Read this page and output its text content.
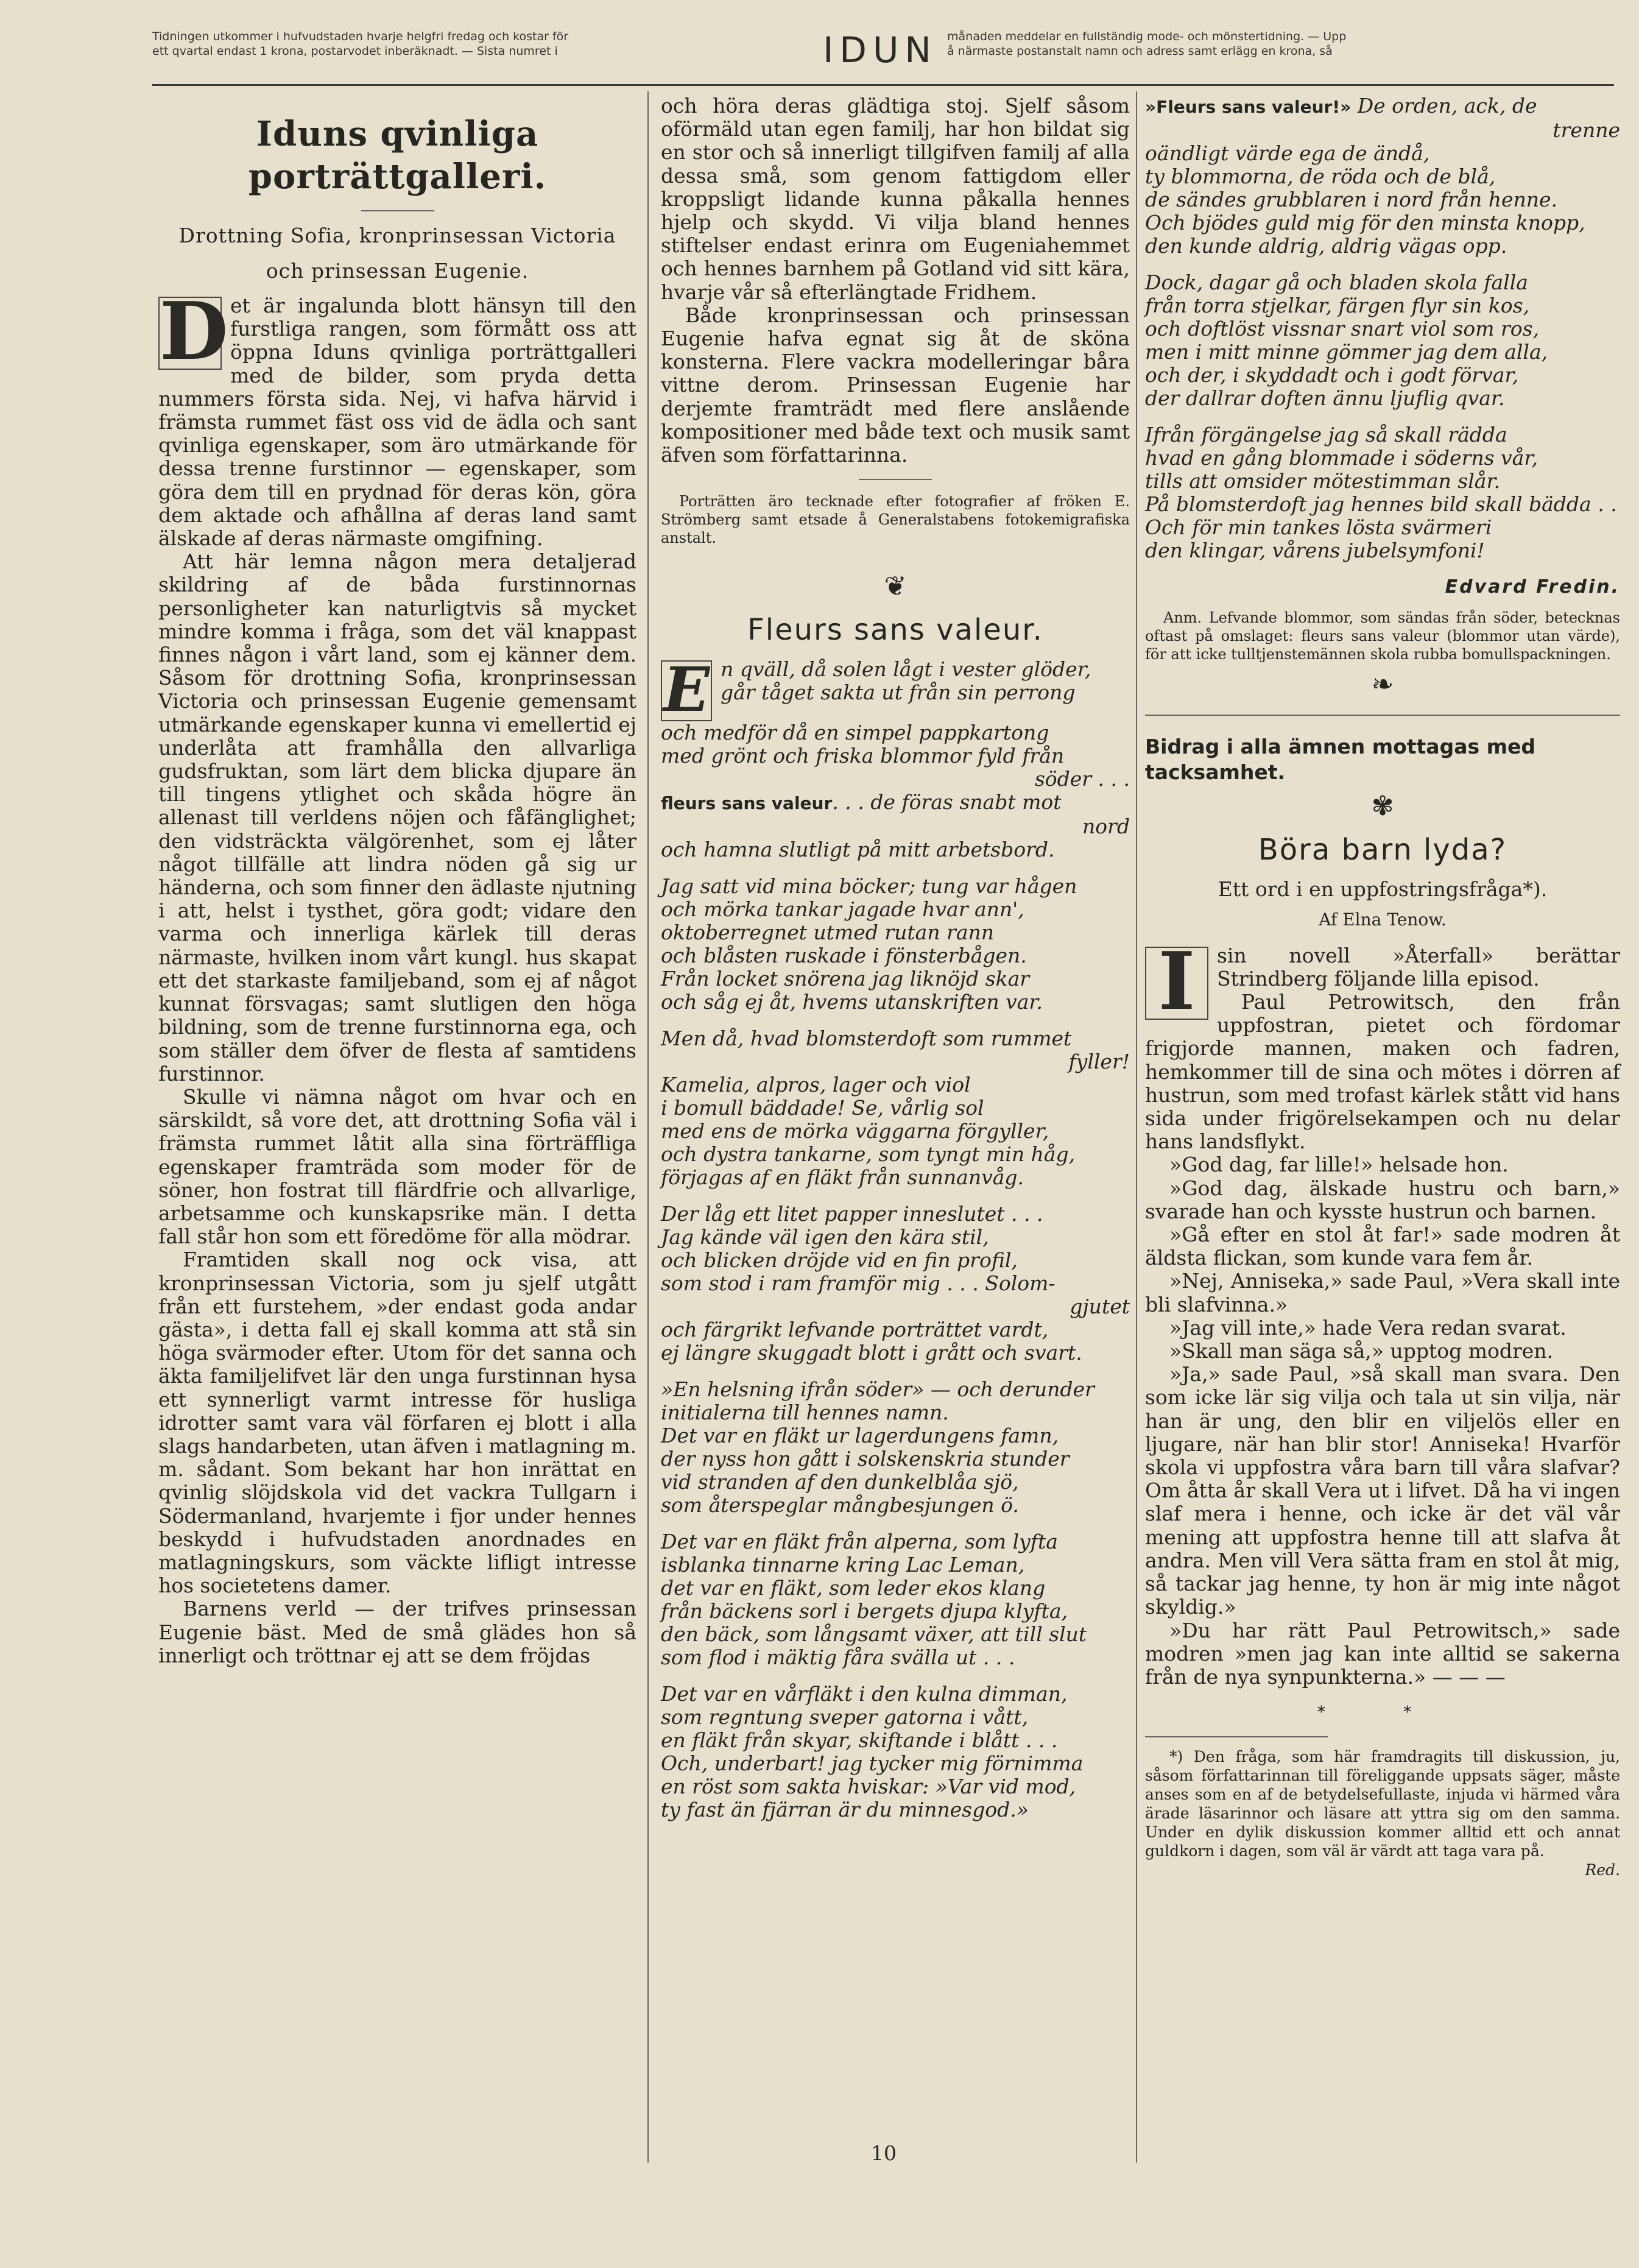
Tidningen utkommer i hufvudstaden hvarje helgfri fredag och kostar för
ett qvartal endast 1 krona, postarvodet inberäknadt. — Sista numret i	IDUN månaden meddelar en fullständig mode- och mönstertidning. — Upp
å närmaste postanstalt namn och adress samt erlägg en krona, så
Iduns qvinliga porträttgalleri.
Drottning Sofia, kronprinsessan Victoria
och prinsessan Eugenie.

D et är ingalunda blott hänsyn till den furstliga rangen, som förmått oss att öppna Iduns qvinliga porträttgalleri med de bilder, som pryda detta nummers första sida. Nej, vi hafva härvid i främsta rummet fäst oss vid de ädla och sant qvinliga egenskaper, som äro utmärkande för dessa trenne furstinnor — egenskaper, som göra dem till en prydnad för deras kön, göra dem aktade och afhållna af deras land samt älskade af deras närmaste omgifning.

Att här lemna någon mera detaljerad skildring af de båda furstinnornas personligheter kan naturligtvis så mycket mindre komma i fråga, som det väl knappast finnes någon i vårt land, som ej känner dem. Såsom för drottning Sofia, kronprinsessan Victoria och prinsessan Eugenie gemensamt utmärkande egenskaper kunna vi emellertid ej underlåta att framhålla den allvarliga gudsfruktan, som lärt dem blicka djupare än till tingens ytlighet och skåda högre än allenast till verldens nöjen och fåfänglighet; den vidsträckta välgörenhet, som ej låter något tillfälle att lindra nöden gå sig ur händerna, och som finner den ädlaste njutning i att, helst i tysthet, göra godt; vidare den varma och innerliga kärlek till deras närmaste, hvilken inom vårt kungl. hus skapat ett det starkaste familjeband, som ej af något kunnat försvagas; samt slutligen den höga bildning, som de trenne furstinnorna ega, och som ställer dem öfver de flesta af samtidens furstinnor.

Skulle vi nämna något om hvar och en särskildt, så vore det, att drottning Sofia väl i främsta rummet låtit alla sina förträffliga egenskaper framträda som moder för de söner, hon fostrat till flärdfrie och allvarlige, arbetsamme och kunskapsrike män. I detta fall står hon som ett föredöme för alla mödrar.

Framtiden skall nog ock visa, att kronprinsessan Victoria, som ju sjelf utgått från ett furstehem, »der endast goda andar gästa», i detta fall ej skall komma att stå sin höga svärmoder efter. Utom för det sanna och äkta familjelifvet lär den unga furstinnan hysa ett synnerligt varmt intresse för husliga idrotter samt vara väl förfaren ej blott i alla slags handarbeten, utan äfven i matlagning m. m. sådant. Som bekant har hon inrättat en qvinlig slöjdskola vid det vackra Tullgarn i Södermanland, hvarjemte i fjor under hennes beskydd i hufvudstaden anordnades en matlagningskurs, som väckte lifligt intresse hos societetens damer.

Barnens verld — der trifves prinsessan Eugenie bäst. Med de små glädes hon så innerligt och tröttnar ej att se dem fröjdas

och höra deras glädtiga stoj. Sjelf såsom oförmäld utan egen familj, har hon bildat sig en stor och så innerligt tillgifven familj af alla dessa små, som genom fattigdom eller kroppsligt lidande kunna påkalla hennes hjelp och skydd. Vi vilja bland hennes stiftelser endast erinra om Eugeniahemmet och hennes barnhem på Gotland vid sitt kära, hvarje vår så efterlängtade Fridhem.

Både kronprinsessan och prinsessan Eugenie hafva egnat sig åt de sköna konsterna. Flere vackra modelleringar båra vittne derom. Prinsessan Eugenie har derjemte framträdt med flere anslående kompositioner med både text och musik samt äfven som författarinna.

Porträtten äro tecknade efter fotografier af fröken E. Strömberg samt etsade å Generalstabens fotokemigrafiska anstalt.

❦
Fleurs sans valeur.
E n qväll, då solen lågt i vester glöder,
går tåget sakta ut från sin perrong
och medför då en simpel pappkartong
med grönt och friska blommor fyld från
söder . . .
fleurs sans valeur. . . de föras snabt mot
nord
och hamna slutligt på mitt arbetsbord.
Jag satt vid mina böcker; tung var hågen
och mörka tankar jagade hvar ann',
oktoberregnet utmed rutan rann
och blåsten ruskade i fönsterbågen.
Från locket snörena jag liknöjd skar
och såg ej åt, hvems utanskriften var.
Men då, hvad blomsterdoft som rummet
fyller!
Kamelia, alpros, lager och viol
i bomull bäddade! Se, vårlig sol
med ens de mörka väggarna förgyller,
och dystra tankarne, som tyngt min håg,
förjagas af en fläkt från sunnanvåg.
Der låg ett litet papper inneslutet . . .
Jag kände väl igen den kära stil,
och blicken dröjde vid en fin profil,
som stod i ram framför mig . . . Solom-
gjutet
och färgrikt lefvande porträttet vardt,
ej längre skuggadt blott i grått och svart.
»En helsning ifrån söder» — och derunder
initialerna till hennes namn.
Det var en fläkt ur lagerdungens famn,
der nyss hon gått i solskenskria stunder
vid stranden af den dunkelblåa sjö,
som återspeglar mångbesjungen ö.
Det var en fläkt från alperna, som lyfta
isblanka tinnarne kring Lac Leman,
det var en fläkt, som leder ekos klang
från bäckens sorl i bergets djupa klyfta,
den bäck, som långsamt växer, att till slut
som flod i mäktig fåra svälla ut . . .
Det var en vårfläkt i den kulna dimman,
som regntung sveper gatorna i vått,
en fläkt från skyar, skiftande i blått . . .
Och, underbart! jag tycker mig förnimma
en röst som sakta hviskar: »Var vid mod,
ty fast än fjärran är du minnesgod.»
»Fleurs sans valeur!» De orden, ack, de
trenne
oändligt värde ega de ändå,
ty blommorna, de röda och de blå,
de sändes grubblaren i nord från henne.
Och bjödes guld mig för den minsta knopp,
den kunde aldrig, aldrig vägas opp.
Dock, dagar gå och bladen skola falla
från torra stjelkar, färgen flyr sin kos,
och doftlöst vissnar snart viol som ros,
men i mitt minne gömmer jag dem alla,
och der, i skyddadt och i godt förvar,
der dallrar doften ännu ljuflig qvar.
Ifrån förgängelse jag så skall rädda
hvad en gång blommade i söderns vår,
tills att omsider mötestimman slår.
På blomsterdoft jag hennes bild skall bädda . .
Och för min tankes lösta svärmeri
den klingar, vårens jubelsymfoni!
Edvard Fredin.

Anm. Lefvande blommor, som sändas från söder, betecknas oftast på omslaget: fleurs sans valeur (blommor utan värde), för att icke tulltjenstemännen skola rubba bomullspackningen.

❧
Bidrag i alla ämnen mottagas med tacksamhet.
✾
Böra barn lyda?
Ett ord i en uppfostringsfråga*).
Af Elna Tenow.

I	sin novell »Återfall» berättar Strindberg följande lilla episod.

Paul Petrowitsch, den från uppfostran, pietet och fördomar frigjorde mannen, maken och fadren, hemkommer till de sina och mötes i dörren af hustrun, som med trofast kärlek stått vid hans sida under frigörelsekampen och nu delar hans landsflykt.

»God dag, far lille!» helsade hon.

»God dag, älskade hustru och barn,» svarade han och kysste hustrun och barnen.

»Gå efter en stol åt far!» sade modren åt äldsta flickan, som kunde vara fem år.

»Nej, Anniseka,» sade Paul, »Vera skall inte bli slafvinna.»

»Jag vill inte,» hade Vera redan svarat.

»Skall man säga så,» upptog modren.

»Ja,» sade Paul, »så skall man svara. Den som icke lär sig vilja och tala ut sin vilja, när han är ung, den blir en viljelös eller en ljugare, när han blir stor! Anniseka! Hvarför skola vi uppfostra våra barn till våra slafvar? Om åtta år skall Vera ut i lifvet. Då ha vi ingen slaf mera i henne, och icke är det väl vår mening att uppfostra henne till att slafva åt andra. Men vill Vera sätta fram en stol åt mig, så tackar jag henne, ty hon är mig inte något skyldig.»

»Du har rätt Paul Petrowitsch,» sade modren »men jag kan inte alltid se sakerna från de nya synpunkterna.» — — —

* *

*) Den fråga, som här framdragits till diskussion, ju, såsom författarinnan till föreliggande uppsats säger, måste anses som en af de betydelsefullaste, injuda vi härmed våra ärade läsarinnor och läsare att yttra sig om den samma. Under en dylik diskussion kommer alltid ett och annat guldkorn i dagen, som väl är värdt att taga vara på.

Red.
10
